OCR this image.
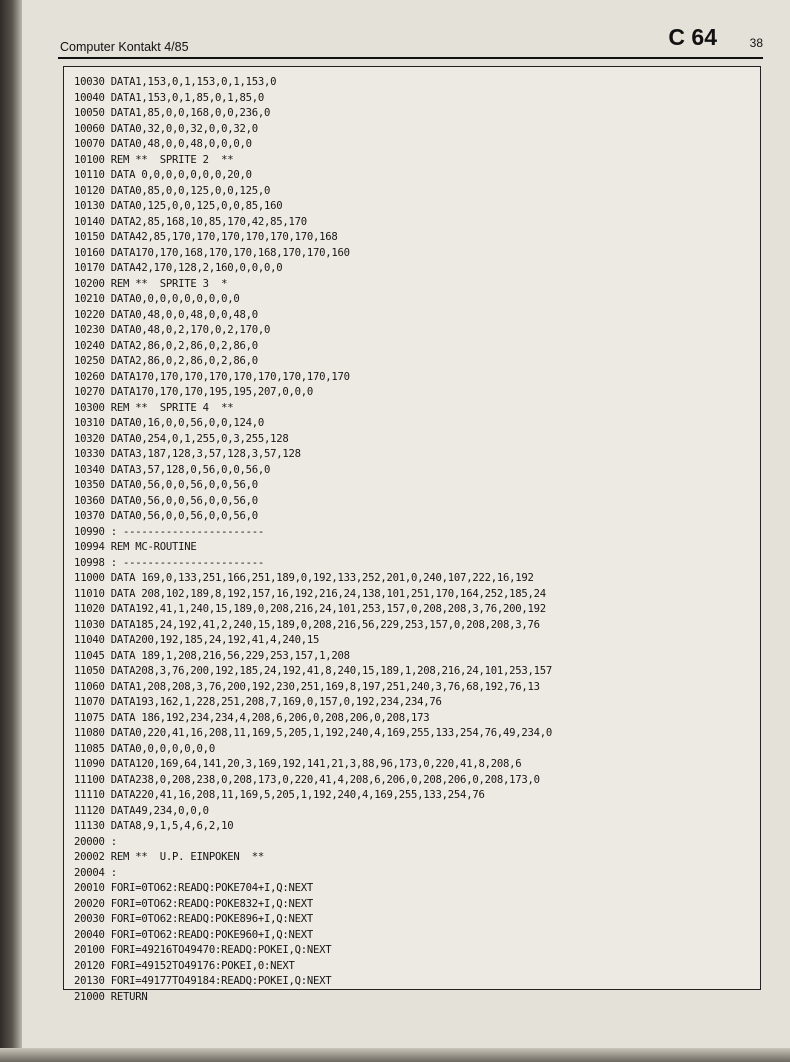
Computer Kontakt 4/85	C 64	38
10030 DATA1,153,0,1,153,0,1,153,0
10040 DATA1,153,0,1,85,0,1,85,0
10050 DATA1,85,0,0,168,0,0,236,0
10060 DATA0,32,0,0,32,0,0,32,0
10070 DATA0,48,0,0,48,0,0,0,0
10100 REM **  SPRITE 2  **
10110 DATA 0,0,0,0,0,0,0,20,0
10120 DATA0,85,0,0,125,0,0,125,0
10130 DATA0,125,0,0,125,0,0,85,160
10140 DATA2,85,168,10,85,170,42,85,170
10150 DATA42,85,170,170,170,170,170,170,168
10160 DATA170,170,168,170,170,168,170,170,160
10170 DATA42,170,128,2,160,0,0,0,0
10200 REM **  SPRITE 3  *
10210 DATA0,0,0,0,0,0,0,0,0
10220 DATA0,48,0,0,48,0,0,48,0
10230 DATA0,48,0,2,170,0,2,170,0
10240 DATA2,86,0,2,86,0,2,86,0
10250 DATA2,86,0,2,86,0,2,86,0
10260 DATA170,170,170,170,170,170,170,170,170
10270 DATA170,170,170,195,195,207,0,0,0
10300 REM **  SPRITE 4  **
10310 DATA0,16,0,0,56,0,0,124,0
10320 DATA0,254,0,1,255,0,3,255,128
10330 DATA3,187,128,3,57,128,3,57,128
10340 DATA3,57,128,0,56,0,0,56,0
10350 DATA0,56,0,0,56,0,0,56,0
10360 DATA0,56,0,0,56,0,0,56,0
10370 DATA0,56,0,0,56,0,0,56,0
10990 : -----------------------
10994 REM MC-ROUTINE
10998 : -----------------------
11000 DATA 169,0,133,251,166,251,189,0,192,133,252,201,0,240,107,222,16,192
11010 DATA 208,102,189,8,192,157,16,192,216,24,138,101,251,170,164,252,185,24
11020 DATA192,41,1,240,15,189,0,208,216,24,101,253,157,0,208,208,3,76,200,192
11030 DATA185,24,192,41,2,240,15,189,0,208,216,56,229,253,157,0,208,208,3,76
11040 DATA200,192,185,24,192,41,4,240,15
11045 DATA 189,1,208,216,56,229,253,157,1,208
11050 DATA208,3,76,200,192,185,24,192,41,8,240,15,189,1,208,216,24,101,253,157
11060 DATA1,208,208,3,76,200,192,230,251,169,8,197,251,240,3,76,68,192,76,13
11070 DATA193,162,1,228,251,208,7,169,0,157,0,192,234,234,76
11075 DATA 186,192,234,234,4,208,6,206,0,208,206,0,208,173
11080 DATA0,220,41,16,208,11,169,5,205,1,192,240,4,169,255,133,254,76,49,234,0
11085 DATA0,0,0,0,0,0,0
11090 DATA120,169,64,141,20,3,169,192,141,21,3,88,96,173,0,220,41,8,208,6
11100 DATA238,0,208,238,0,208,173,0,220,41,4,208,6,206,0,208,206,0,208,173,0
11110 DATA220,41,16,208,11,169,5,205,1,192,240,4,169,255,133,254,76
11120 DATA49,234,0,0,0
11130 DATA8,9,1,5,4,6,2,10
20000 :
20002 REM **  U.P. EINPOKEN  **
20004 :
20010 FORI=0TO62:READQ:POKE704+I,Q:NEXT
20020 FORI=0TO62:READQ:POKE832+I,Q:NEXT
20030 FORI=0TO62:READQ:POKE896+I,Q:NEXT
20040 FORI=0TO62:READQ:POKE960+I,Q:NEXT
20100 FORI=49216TO49470:READQ:POKEI,Q:NEXT
20120 FORI=49152TO49176:POKEI,0:NEXT
20130 FORI=49177TO49184:READQ:POKEI,Q:NEXT
21000 RETURN
